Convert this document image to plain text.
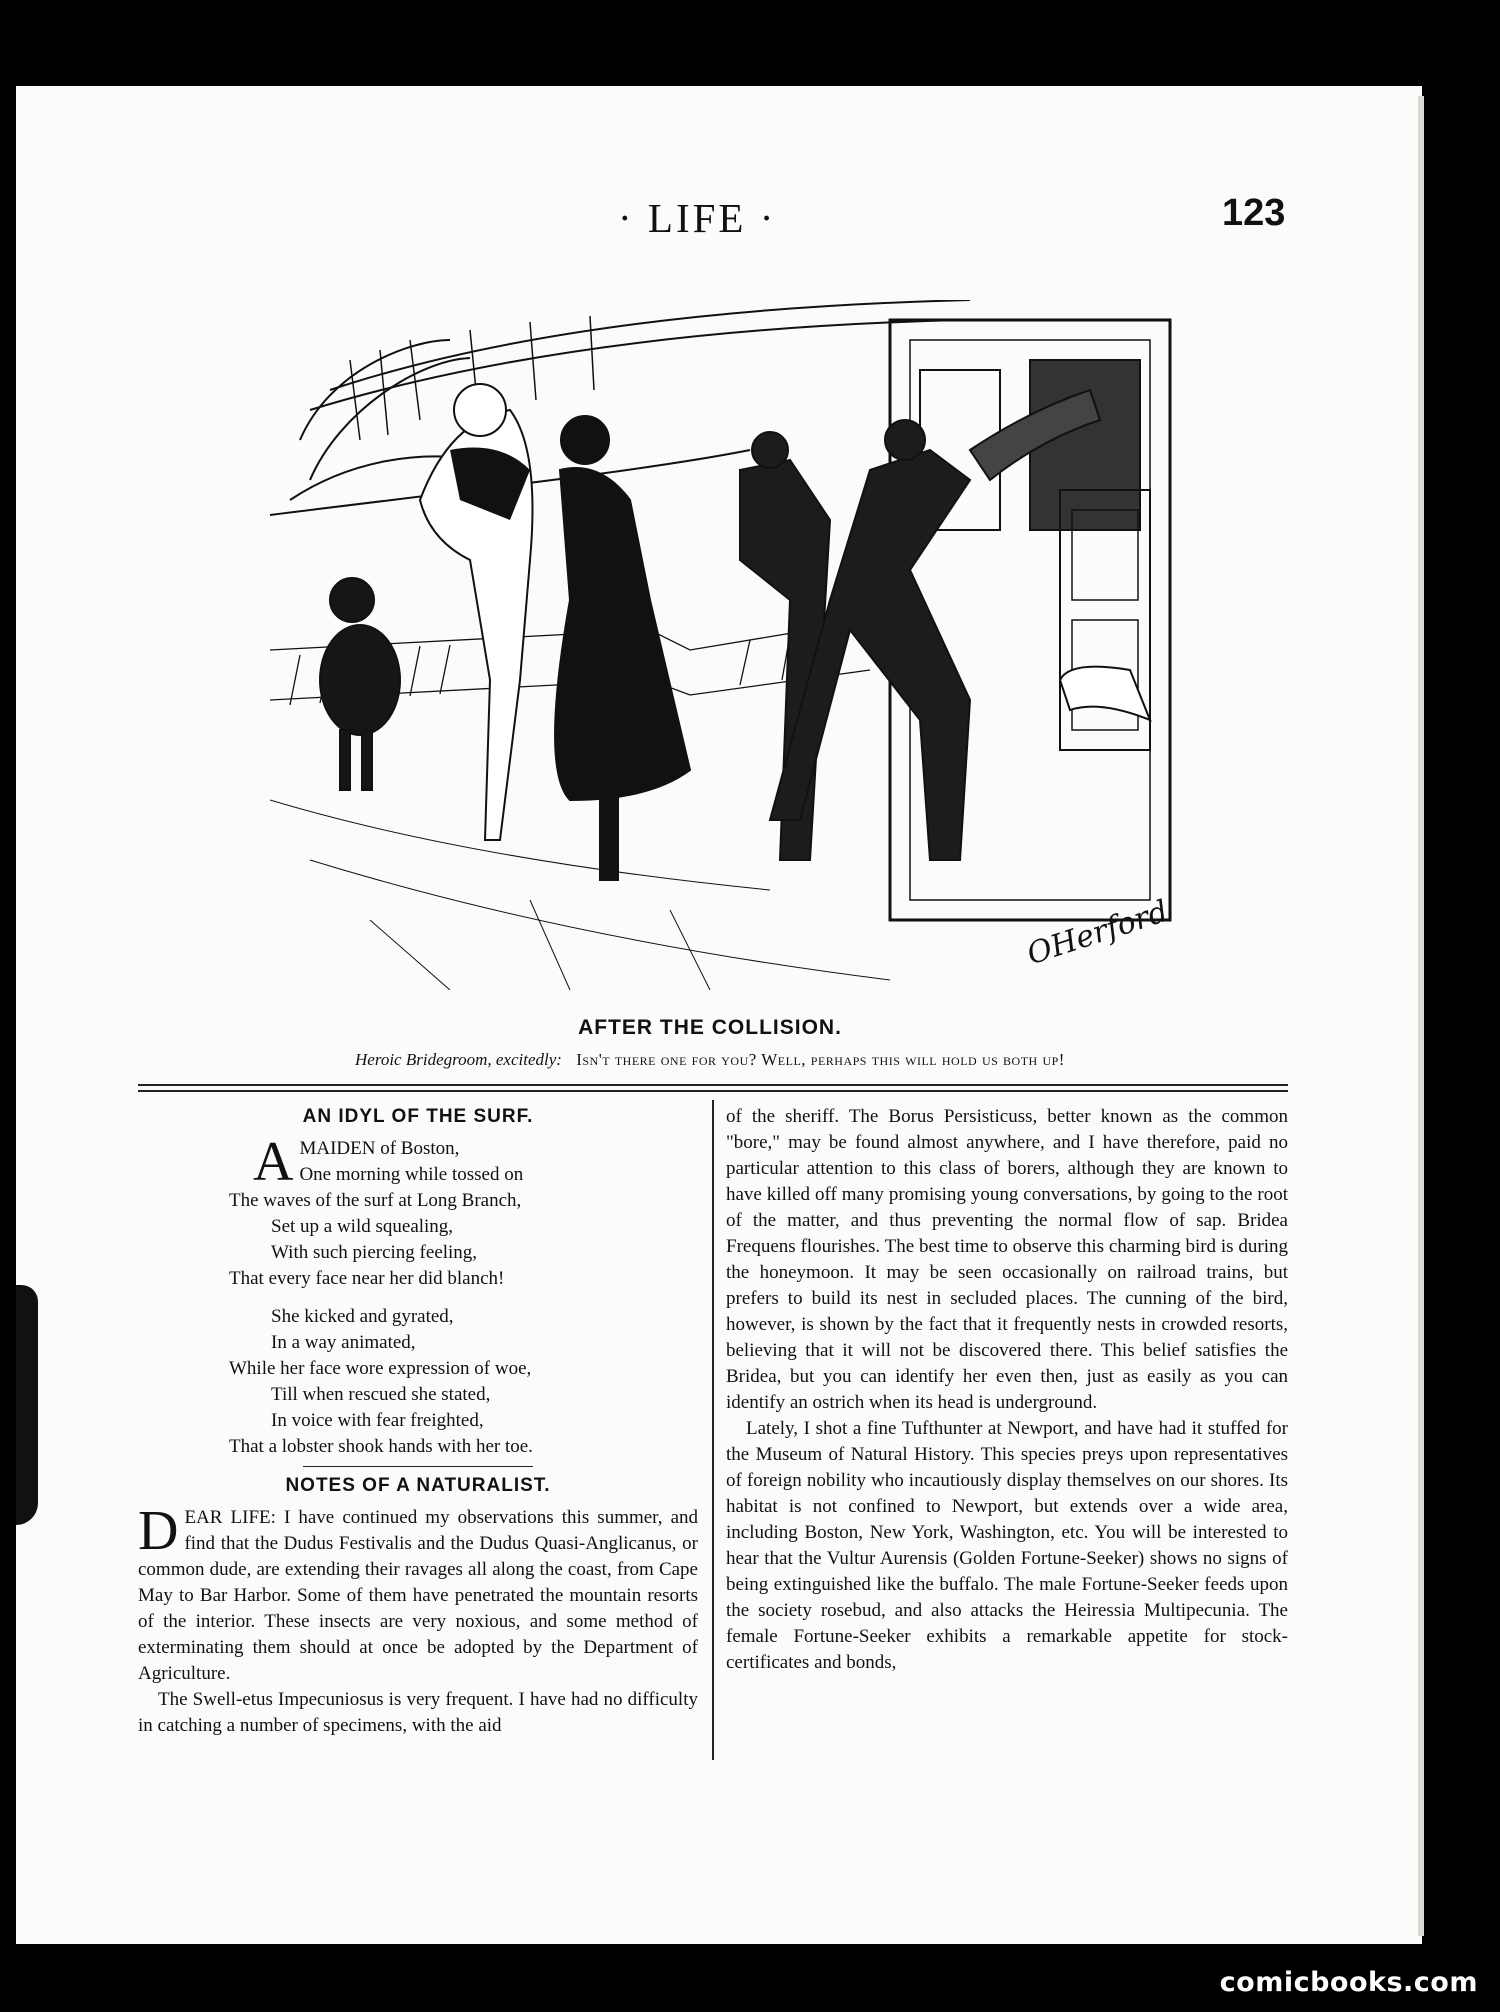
· LIFE ·	123
OHerford
AFTER THE COLLISION.
Heroic Bridegroom, excitedly: Isn't there one for you? Well, perhaps this will hold us both up!
AN IDYL OF THE SURF.
A MAIDEN of Boston,
One morning while tossed on
The waves of the surf at Long Branch,
Set up a wild squealing,
With such piercing feeling,
That every face near her did blanch!
She kicked and gyrated,
In a way animated,
While her face wore expression of woe,
Till when rescued she stated,
In voice with fear freighted,
That a lobster shook hands with her toe.
NOTES OF A NATURALIST.

DEAR LIFE: I have continued my observations this summer, and find that the Dudus Festivalis and the Dudus Quasi-Anglicanus, or common dude, are extending their ravages all along the coast, from Cape May to Bar Harbor. Some of them have penetrated the mountain resorts of the interior. These insects are very noxious, and some method of exterminating them should at once be adopted by the Department of Agriculture.

The Swell-etus Impecuniosus is very frequent. I have had no difficulty in catching a number of specimens, with the aid

of the sheriff. The Borus Persisticuss, better known as the common "bore," may be found almost anywhere, and I have therefore, paid no particular attention to this class of borers, although they are known to have killed off many promising young conversations, by going to the root of the matter, and thus preventing the normal flow of sap. Bridea Frequens flourishes. The best time to observe this charming bird is during the honeymoon. It may be seen occasionally on railroad trains, but prefers to build its nest in secluded places. The cunning of the bird, however, is shown by the fact that it frequently nests in crowded resorts, believing that it will not be discovered there. This belief satisfies the Bridea, but you can identify her even then, just as easily as you can identify an ostrich when its head is underground.

Lately, I shot a fine Tufthunter at Newport, and have had it stuffed for the Museum of Natural History. This species preys upon representatives of foreign nobility who incautiously display themselves on our shores. Its habitat is not confined to Newport, but extends over a wide area, including Boston, New York, Washington, etc. You will be interested to hear that the Vultur Aurensis (Golden Fortune-Seeker) shows no signs of being extinguished like the buffalo. The male Fortune-Seeker feeds upon the society rosebud, and also attacks the Heiressia Multipecunia. The female Fortune-Seeker exhibits a remarkable appetite for stock-certificates and bonds,

comicbooks.com
